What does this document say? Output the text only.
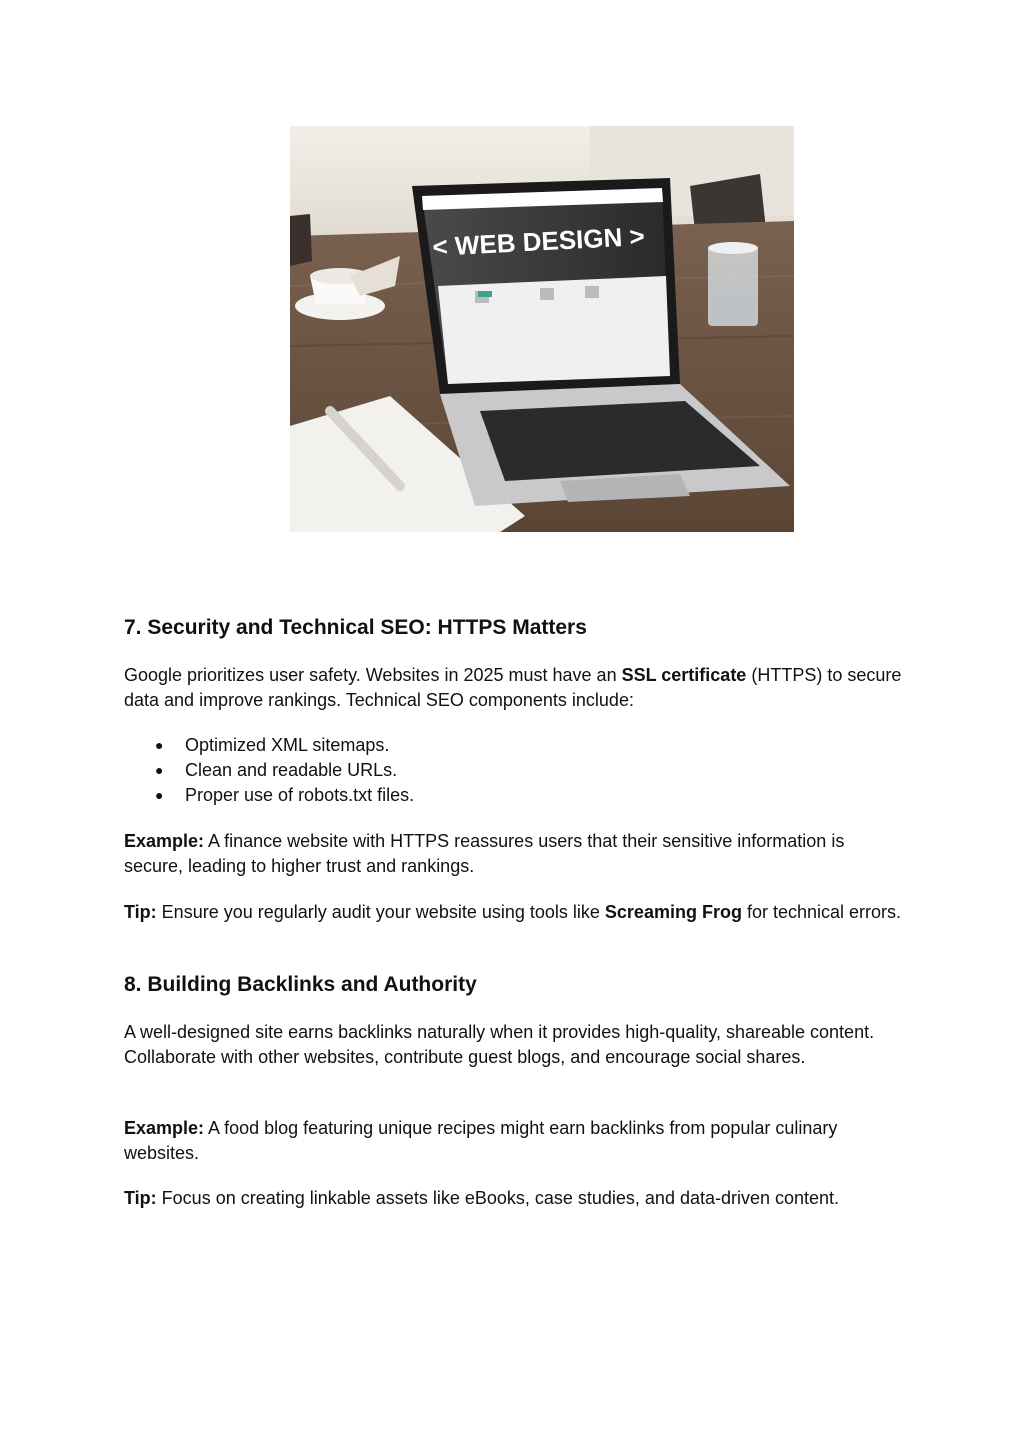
< WEB DESIGN >
7. Security and Technical SEO: HTTPS Matters

Google prioritizes user safety. Websites in 2025 must have an SSL certificate (HTTPS) to secure data and improve rankings. Technical SEO components include:

● Optimized XML sitemaps.
● Clean and readable URLs.
● Proper use of robots.txt files.

Example: A finance website with HTTPS reassures users that their sensitive information is secure, leading to higher trust and rankings.

Tip: Ensure you regularly audit your website using tools like Screaming Frog for technical errors.

8. Building Backlinks and Authority

A well-designed site earns backlinks naturally when it provides high-quality, shareable content. Collaborate with other websites, contribute guest blogs, and encourage social shares.

Example: A food blog featuring unique recipes might earn backlinks from popular culinary websites.

Tip: Focus on creating linkable assets like eBooks, case studies, and data-driven content.
